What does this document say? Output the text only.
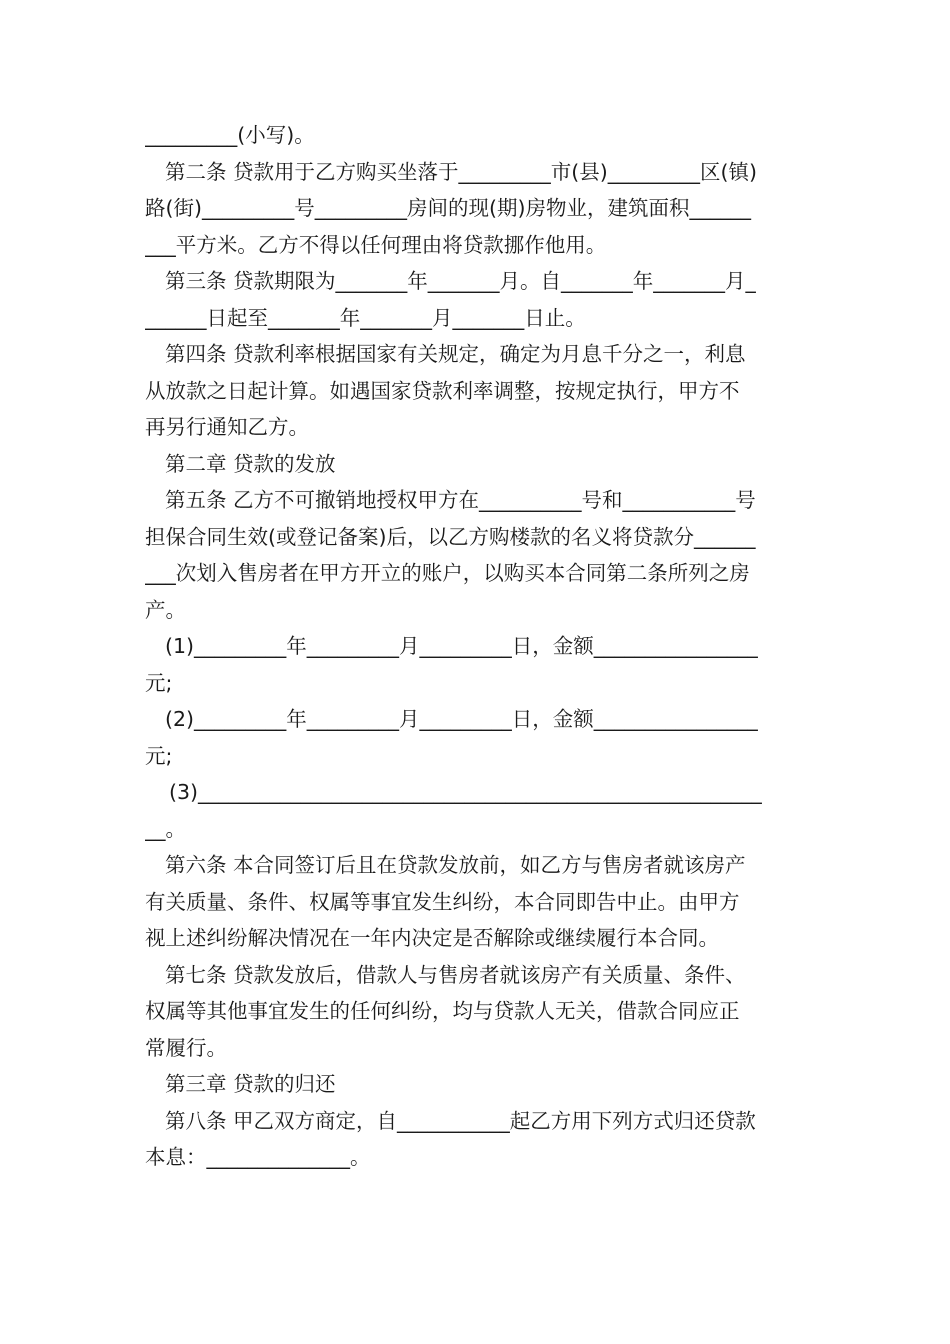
_________(小写)。
第二条 贷款用于乙方购买坐落于_________市(县)_________区(镇)
路(街)_________号_________房间的现(期)房物业，建筑面积______
___平方米。乙方不得以任何理由将贷款挪作他用。
第三条 贷款期限为_______年_______月。自_______年_______月_
______日起至_______年_______月_______日止。
第四条 贷款利率根据国家有关规定，确定为月息千分之一，利息
从放款之日起计算。如遇国家贷款利率调整，按规定执行，甲方不
再另行通知乙方。
第二章 贷款的发放
第五条 乙方不可撤销地授权甲方在__________号和___________号
担保合同生效(或登记备案)后，以乙方购楼款的名义将贷款分______
___次划入售房者在甲方开立的账户，以购买本合同第二条所列之房
产。
(1)_________年_________月_________日，金额________________
元;
(2)_________年_________月_________日，金额________________
元;
(3)_______________________________________________________
__。
第六条 本合同签订后且在贷款发放前，如乙方与售房者就该房产
有关质量、条件、权属等事宜发生纠纷，本合同即告中止。由甲方
视上述纠纷解决情况在一年内决定是否解除或继续履行本合同。
第七条 贷款发放后，借款人与售房者就该房产有关质量、条件、
权属等其他事宜发生的任何纠纷，均与贷款人无关，借款合同应正
常履行。
第三章 贷款的归还
第八条 甲乙双方商定，自___________起乙方用下列方式归还贷款
本息：______________。
